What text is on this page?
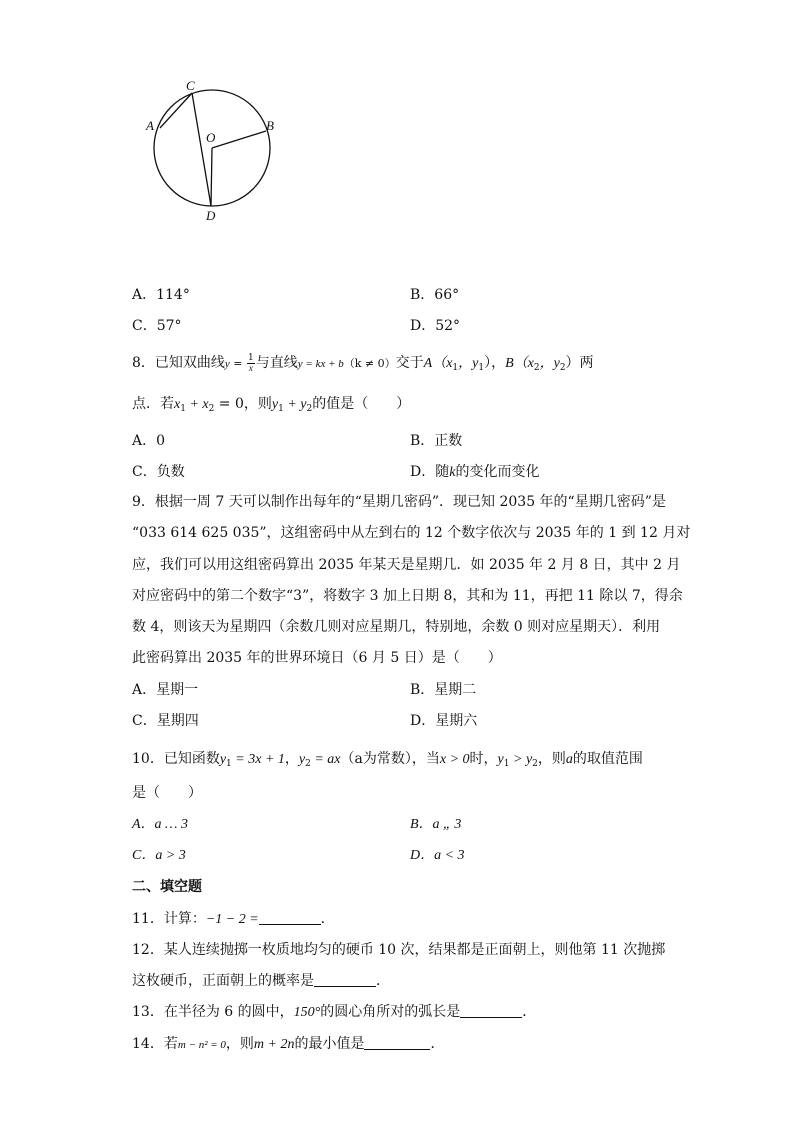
C
A	B
O
D
A．114°	B．66°
C．57°	D．52°
8．已知双曲线$y = \frac{1}{x}$ 与直线y = kx + b（k ≠ 0）交于$A(x_1$，$y_1$），$B(x_2$，$y_2$）两
点．若$x_1 + x_2 = 0$，则$y_1 + y_2$的值是（　　）
A．0	B．正数
C．负数	D．随k的变化而变化
9．根据一周 7 天可以制作出每年的“星期几密码”．现已知 2035 年的“星期几密码”是
“033 614 625 035”，这组密码中从左到右的 12 个数字依次与 2035 年的 1 到 12 月对
应，我们可以用这组密码算出 2035 年某天是星期几．如 2035 年 2 月 8 日，其中 2 月
对应密码中的第二个数字“3”，将数字 3 加上日期 8，其和为 11，再把 11 除以 7，得余
数 4，则该天为星期四（余数几则对应星期几，特别地，余数 0 则对应星期天）．利用
此密码算出 2035 年的世界环境日（6 月 5 日）是（　　）
A．星期一	B．星期二
C．星期四	D．星期六
10．已知函数$y_1 = 3x + 1$，$y_2 = ax(a$为常数），当x > 0时，$y_1 > y_2$，则a的取值范围
是（　　）
A．a … 3	B．a „ 3
C．a > 3	D．a < 3
二、填空题
11．计算：−1 − 2 =	．
12．某人连续抛掷一枚质地均匀的硬币 10 次，结果都是正面朝上，则他第 11 次抛掷
这枚硬币，正面朝上的概率是	．
13．在半径为 6 的圆中，150°的圆心角所对的弧长是	．
14．若m − n² = 0，则m + 2n的最小值是	．
